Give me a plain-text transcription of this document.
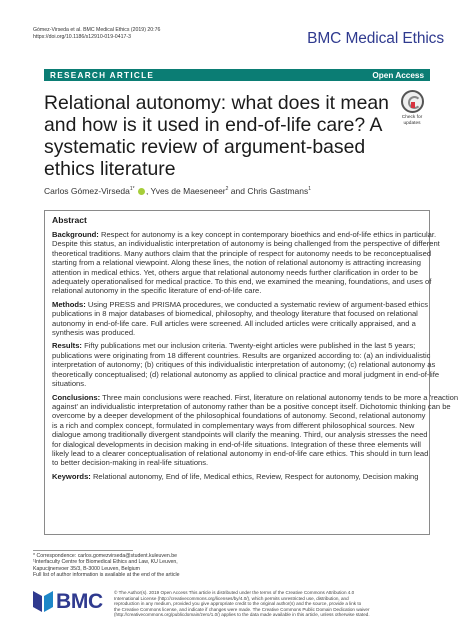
Gómez-Virseda et al. BMC Medical Ethics (2019) 20:76
https://doi.org/10.1186/s12910-019-0417-3	BMC Medical Ethics
RESEARCH ARTICLE	Open Access
Relational autonomy: what does it mean
and how is it used in end-of-life care? A
systematic review of argument-based
ethics literature
Check for
updates
Carlos Gómez-Virseda$^{1*}$ , Yves de Maeseneer$^2$ and Chris Gastmans$^1$
Abstract
Background: Respect for autonomy is a key concept in contemporary bioethics and end-of-life ethics in particular.
Despite this status, an individualistic interpretation of autonomy is being challenged from the perspective of different
theoretical traditions. Many authors claim that the principle of respect for autonomy needs to be reconceptualised
starting from a relational viewpoint. Along these lines, the notion of relational autonomy is attracting increasing
attention in medical ethics. Yet, others argue that relational autonomy needs further clarification in order to be
adequately operationalised for medical practice. To this end, we examined the meaning, foundations, and uses of
relational autonomy in the specific literature of end-of-life care.
Methods: Using PRESS and PRISMA procedures, we conducted a systematic review of argument-based ethics
publications in 8 major databases of biomedical, philosophy, and theology literature that focused on relational
autonomy in end-of-life care. Full articles were screened. All included articles were critically appraised, and a
synthesis was produced.
Results: Fifty publications met our inclusion criteria. Twenty-eight articles were published in the last 5 years;
publications were originating from 18 different countries. Results are organized according to: (a) an individualistic
interpretation of autonomy; (b) critiques of this individualistic interpretation of autonomy; (c) relational autonomy as
theoretically conceptualised; (d) relational autonomy as applied to clinical practice and moral judgment in end-of-life
situations.
Conclusions: Three main conclusions were reached. First, literature on relational autonomy tends to be more a 'reaction
against' an individualistic interpretation of autonomy rather than be a positive concept itself. Dichotomic thinking can be
overcome by a deeper development of the philosophical foundations of autonomy. Second, relational autonomy
is a rich and complex concept, formulated in complementary ways from different philosophical sources. New
dialogue among traditionally divergent standpoints will clarify the meaning. Third, our analysis stresses the need
for dialogical developments in decision making in end-of-life situations. Integration of these three elements will
likely lead to a clearer conceptualisation of relational autonomy in end-of-life care ethics. This should in turn lead
to better decision-making in real-life situations.
Keywords: Relational autonomy, End of life, Medical ethics, Review, Respect for autonomy, Decision making
* Correspondence: carlos.gomezvirseda@student.kuleuven.be
¹Interfaculty Centre for Biomedical Ethics and Law, KU Leuven,
Kapucijnenvoer 35/3, B-3000 Leuven, Belgium
Full list of author information is available at the end of the article
BMC © The Author(s). 2019 Open Access This article is distributed under the terms of the Creative Commons Attribution 4.0
International License (http://creativecommons.org/licenses/by/4.0/), which permits unrestricted use, distribution, and
reproduction in any medium, provided you give appropriate credit to the original author(s) and the source, provide a link to
the Creative Commons license, and indicate if changes were made. The Creative Commons Public Domain Dedication waiver
(http://creativecommons.org/publicdomain/zero/1.0/) applies to the data made available in this article, unless otherwise stated.
